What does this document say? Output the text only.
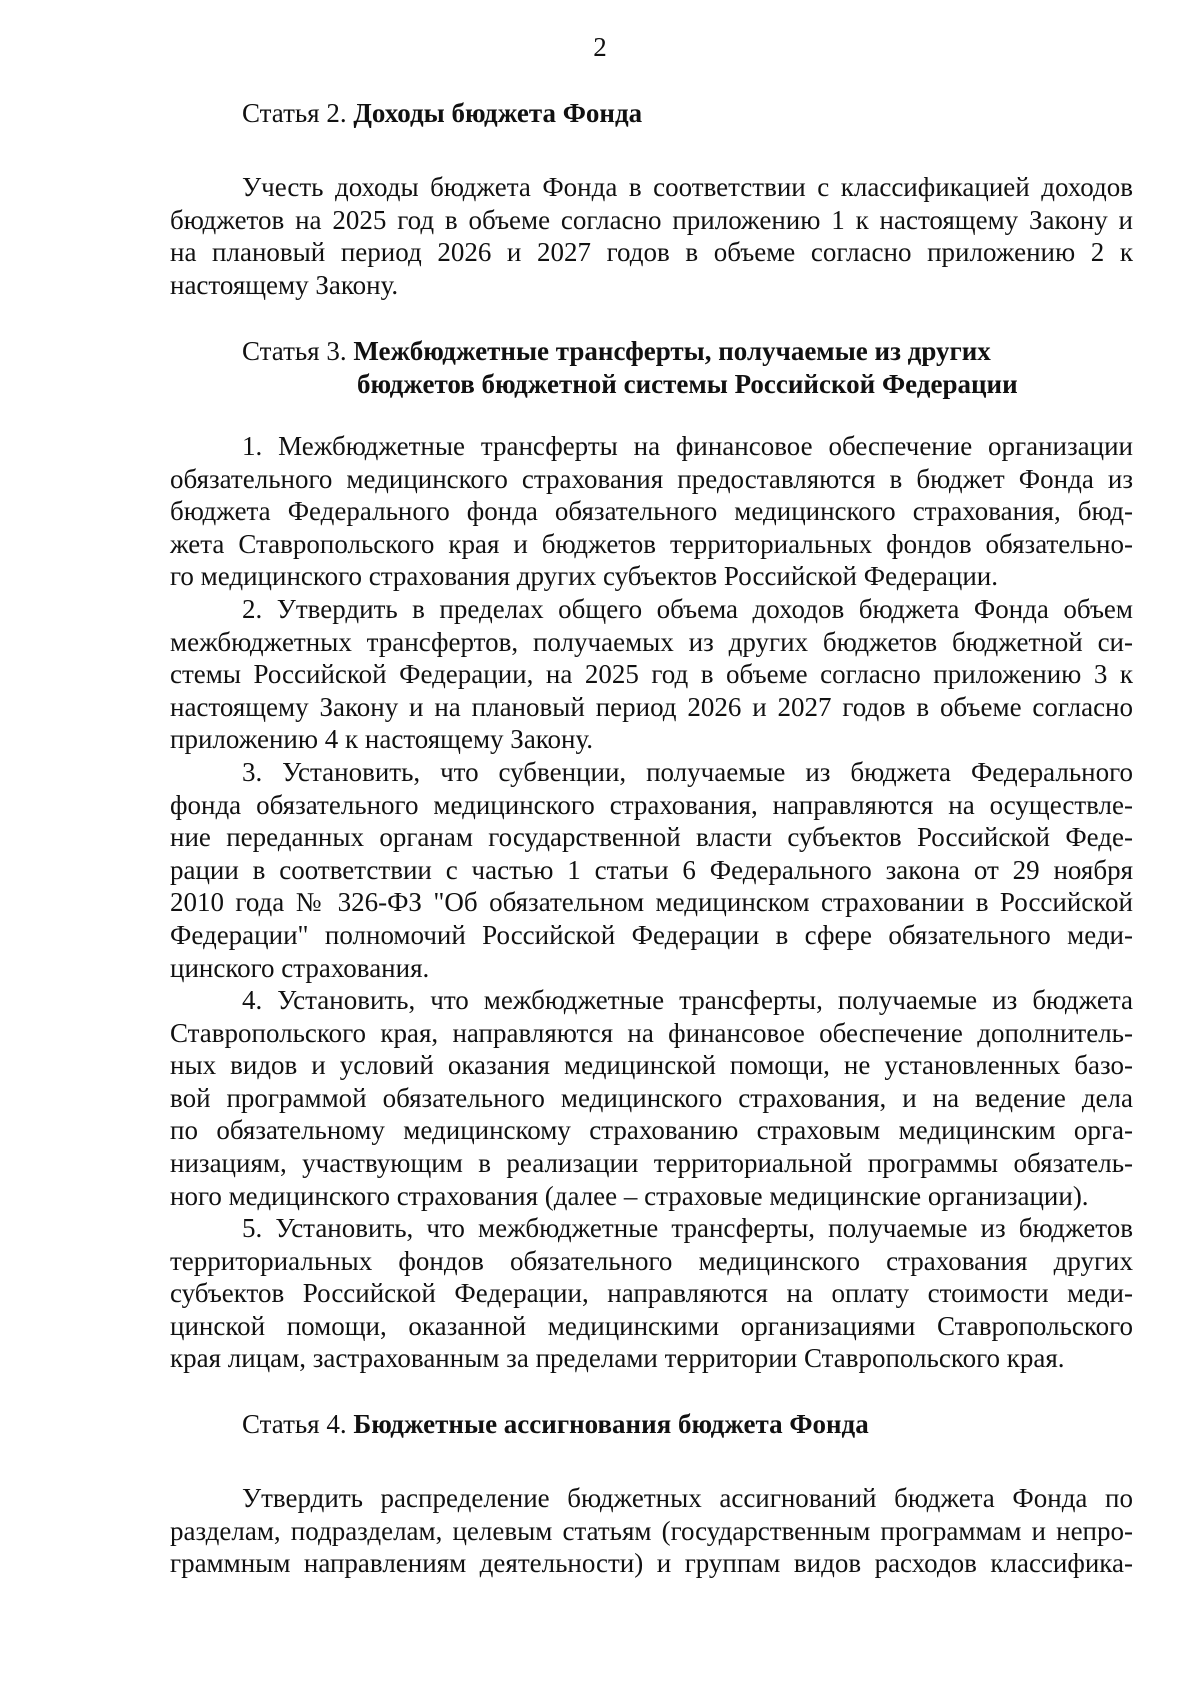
2
Статья 2. Доходы бюджета Фонда
Учесть доходы бюджета Фонда в соответствии с классификацией доходов
бюджетов на 2025 год в объеме согласно приложению 1 к настоящему Закону и
на плановый период 2026 и 2027 годов в объеме согласно приложению 2 к
настоящему Закону.
Статья 3. Межбюджетные трансферты, получаемые из других
бюджетов бюджетной системы Российской Федерации
1. Межбюджетные трансферты на финансовое обеспечение организации
обязательного медицинского страхования предоставляются в бюджет Фонда из
бюджета Федерального фонда обязательного медицинского страхования, бюд-
жета Ставропольского края и бюджетов территориальных фондов обязательно-
го медицинского страхования других субъектов Российской Федерации.
2. Утвердить в пределах общего объема доходов бюджета Фонда объем
межбюджетных трансфертов, получаемых из других бюджетов бюджетной си-
стемы Российской Федерации, на 2025 год в объеме согласно приложению 3 к
настоящему Закону и на плановый период 2026 и 2027 годов в объеме согласно
приложению 4 к настоящему Закону.
3. Установить, что субвенции, получаемые из бюджета Федерального
фонда обязательного медицинского страхования, направляются на осуществле-
ние переданных органам государственной власти субъектов Российской Феде-
рации в соответствии с частью 1 статьи 6 Федерального закона от 29 ноября
2010 года № 326-ФЗ "Об обязательном медицинском страховании в Российской
Федерации" полномочий Российской Федерации в сфере обязательного меди-
цинского страхования.
4. Установить, что межбюджетные трансферты, получаемые из бюджета
Ставропольского края, направляются на финансовое обеспечение дополнитель-
ных видов и условий оказания медицинской помощи, не установленных базо-
вой программой обязательного медицинского страхования, и на ведение дела
по обязательному медицинскому страхованию страховым медицинским орга-
низациям, участвующим в реализации территориальной программы обязатель-
ного медицинского страхования (далее – страховые медицинские организации).
5. Установить, что межбюджетные трансферты, получаемые из бюджетов
территориальных фондов обязательного медицинского страхования других
субъектов Российской Федерации, направляются на оплату стоимости меди-
цинской помощи, оказанной медицинскими организациями Ставропольского
края лицам, застрахованным за пределами территории Ставропольского края.
Статья 4. Бюджетные ассигнования бюджета Фонда
Утвердить распределение бюджетных ассигнований бюджета Фонда по
разделам, подразделам, целевым статьям (государственным программам и непро-
граммным направлениям деятельности) и группам видов расходов классифика-
